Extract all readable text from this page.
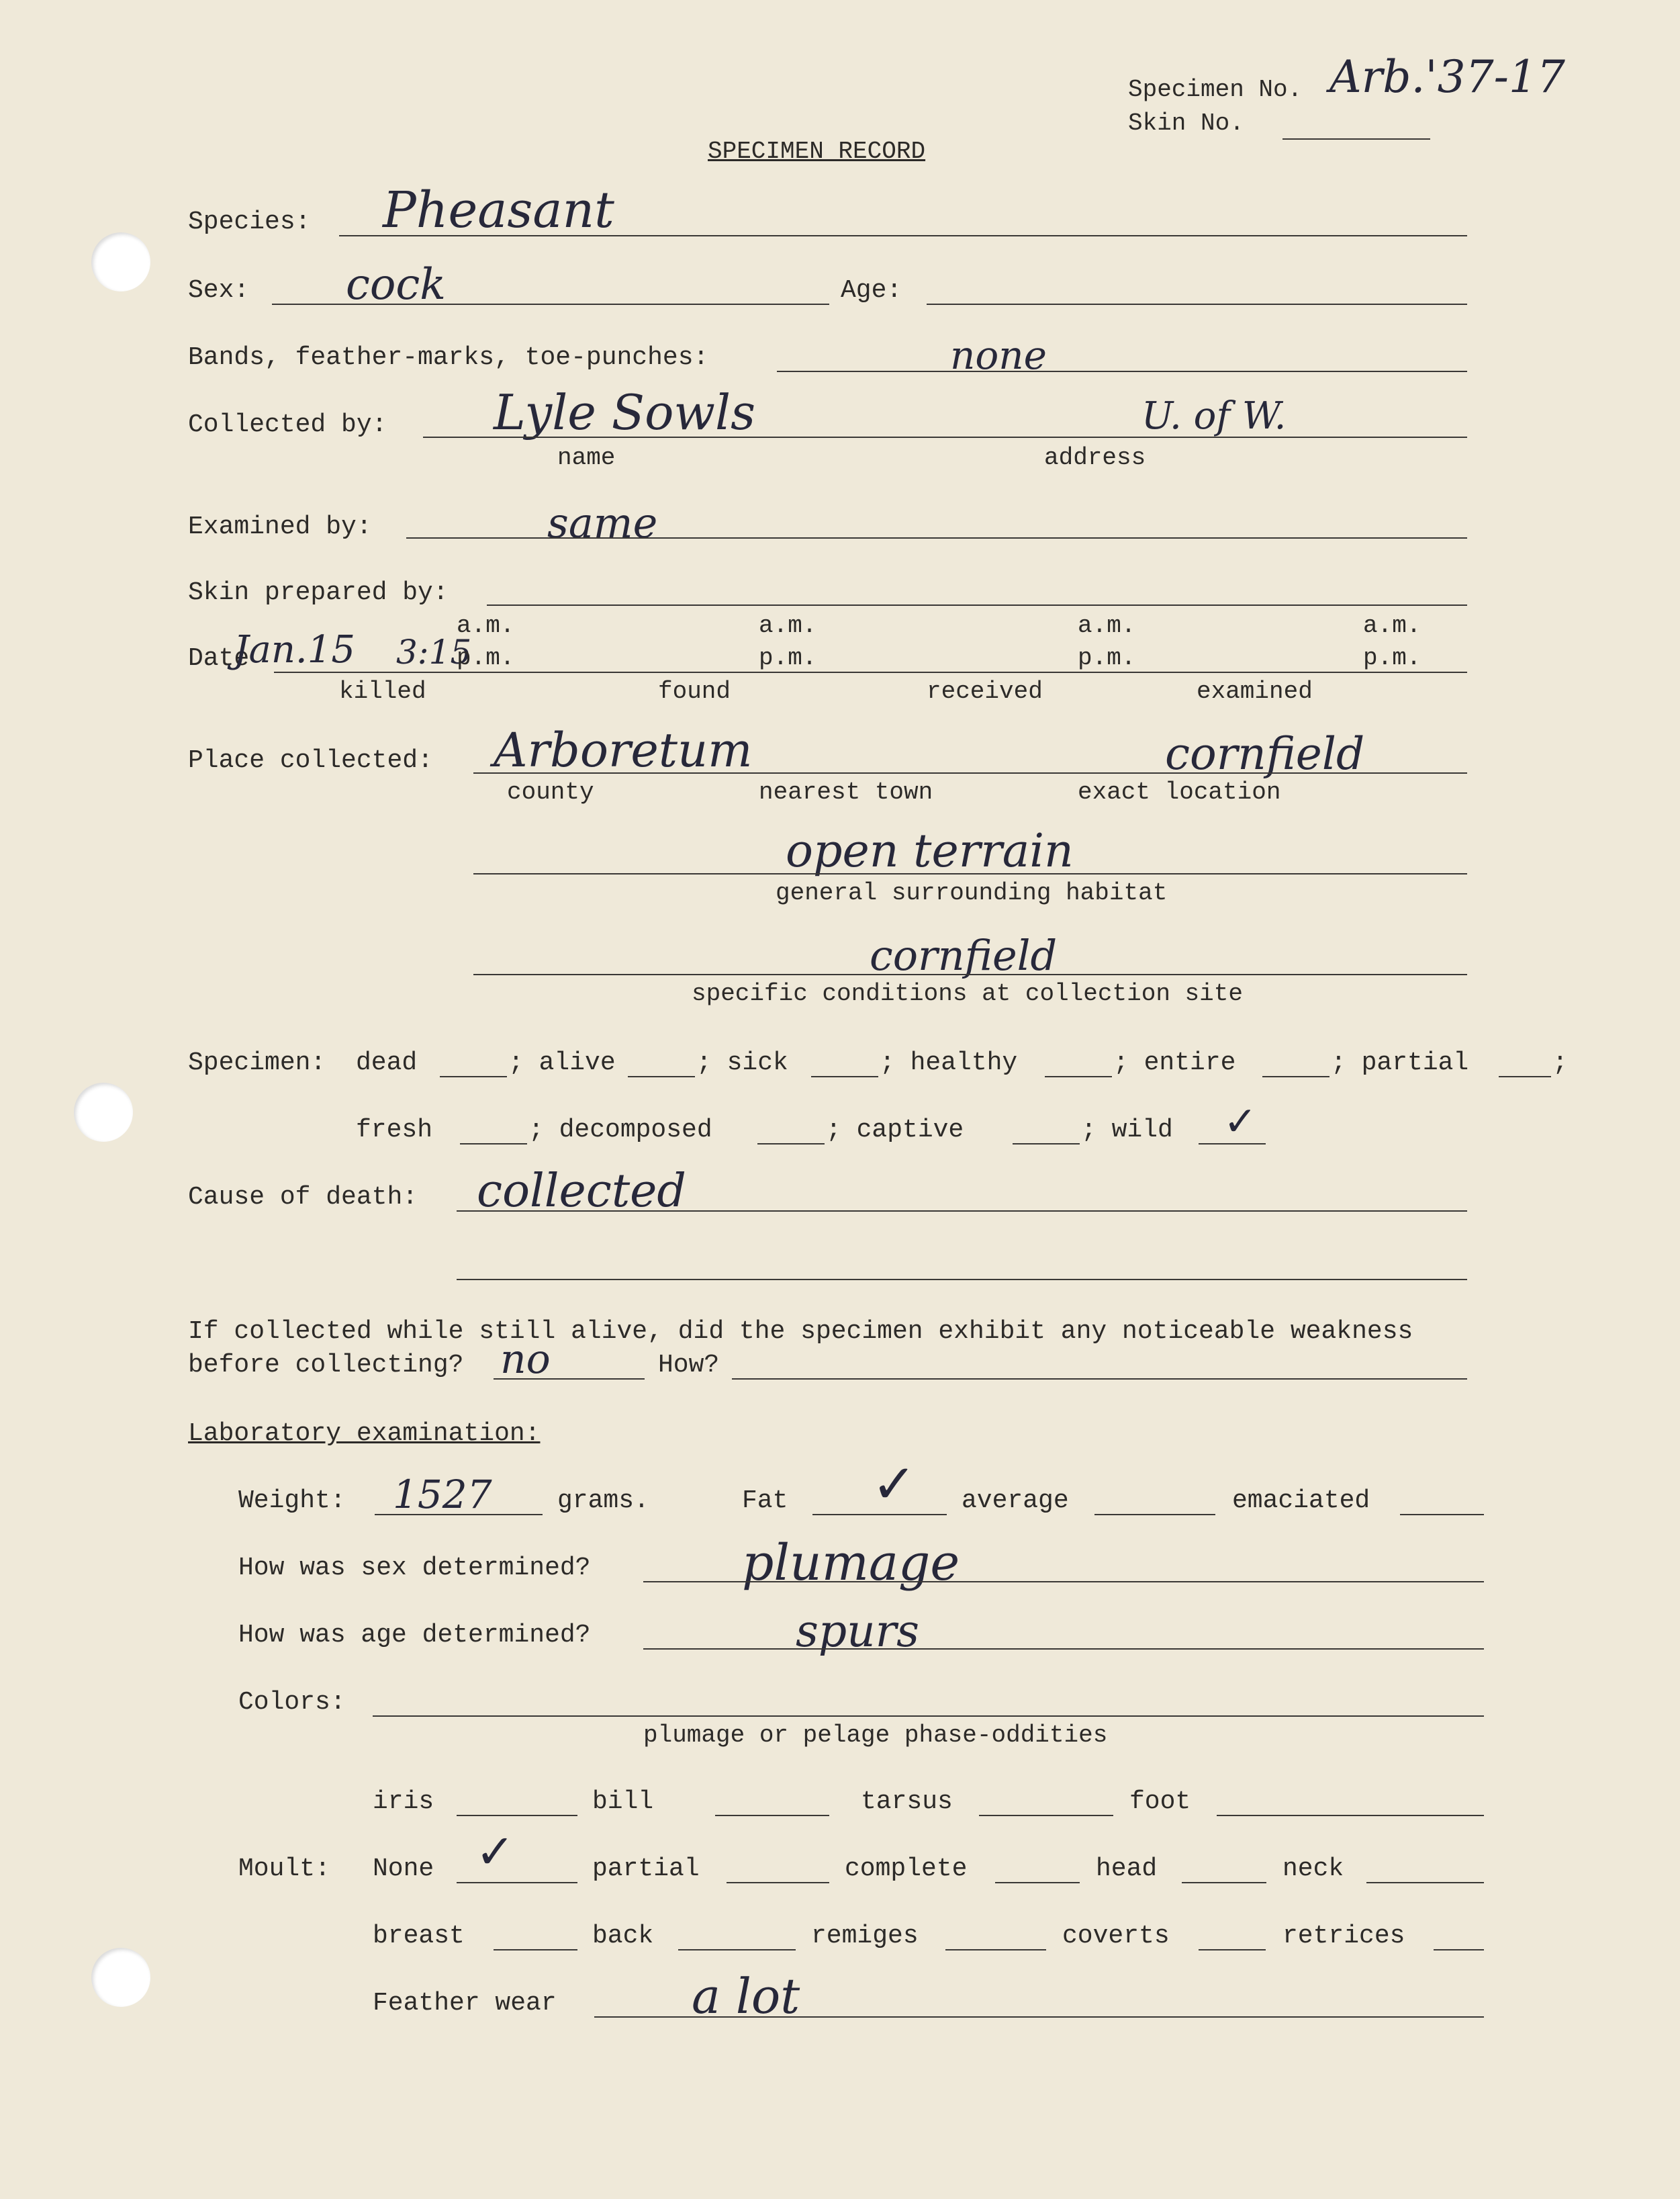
Specimen No. Arb.'37-17
Skin No.
SPECIMEN RECORD
Species: Pheasant
Sex: cock	Age:
Bands, feather-marks, toe-punches:	none
Collected by: Lyle Sowls	U. of W.
name	address
Examined by:	same
Skin prepared by:
a.m.	a.m.	a.m.	a.m.
Date
Jan.15 3:15
p.m.	p.m.	p.m.	p.m.
killed	found	received	examined
Place collected: Arboretum	cornfield
county	nearest town	exact location
open terrain
general surrounding habitat
cornfield
specific conditions at collection site
Specimen: dead	; alive	; sick	; healthy	; entire	; partial	;
fresh	; decomposed	; captive	; wild ✓
Cause of death: collected
If collected while still alive, did the specimen exhibit any noticeable weakness
before collecting? no	How?
Laboratory examination:
Weight: 1527	grams.	Fat ✓ average	emaciated
How was sex determined?	plumage
How was age determined?	spurs
Colors:
plumage or pelage phase-oddities
iris	bill	tarsus	foot
Moult: None ✓	partial	complete	head	neck
breast	back	remiges	coverts	retrices
Feather wear	a lot
